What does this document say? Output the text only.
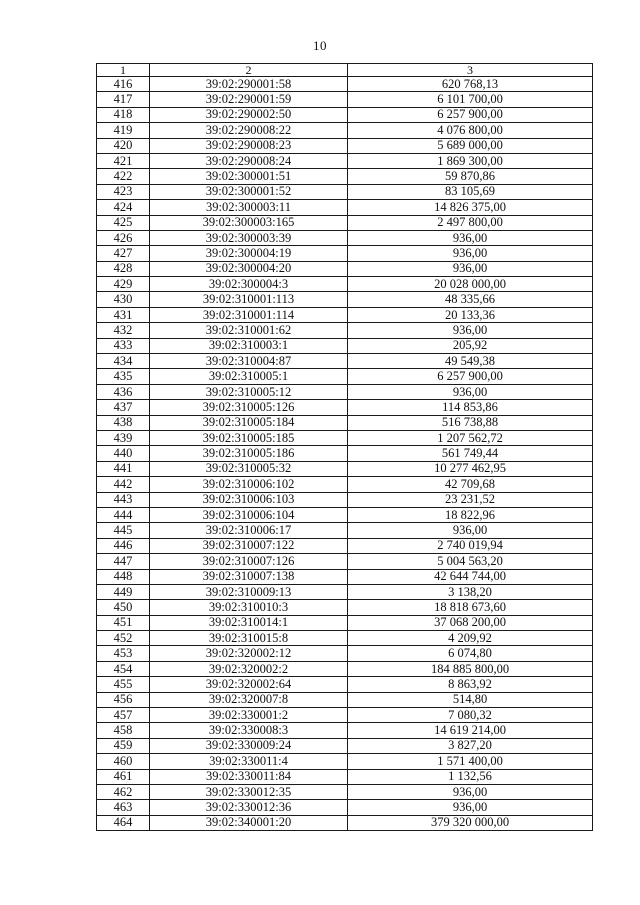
10
1	2	3
416	39:02:290001:58	620 768,13
417	39:02:290001:59	6 101 700,00
418	39:02:290002:50	6 257 900,00
419	39:02:290008:22	4 076 800,00
420	39:02:290008:23	5 689 000,00
421	39:02:290008:24	1 869 300,00
422	39:02:300001:51	59 870,86
423	39:02:300001:52	83 105,69
424	39:02:300003:11	14 826 375,00
425	39:02:300003:165	2 497 800,00
426	39:02:300003:39	936,00
427	39:02:300004:19	936,00
428	39:02:300004:20	936,00
429	39:02:300004:3	20 028 000,00
430	39:02:310001:113	48 335,66
431	39:02:310001:114	20 133,36
432	39:02:310001:62	936,00
433	39:02:310003:1	205,92
434	39:02:310004:87	49 549,38
435	39:02:310005:1	6 257 900,00
436	39:02:310005:12	936,00
437	39:02:310005:126	114 853,86
438	39:02:310005:184	516 738,88
439	39:02:310005:185	1 207 562,72
440	39:02:310005:186	561 749,44
441	39:02:310005:32	10 277 462,95
442	39:02:310006:102	42 709,68
443	39:02:310006:103	23 231,52
444	39:02:310006:104	18 822,96
445	39:02:310006:17	936,00
446	39:02:310007:122	2 740 019,94
447	39:02:310007:126	5 004 563,20
448	39:02:310007:138	42 644 744,00
449	39:02:310009:13	3 138,20
450	39:02:310010:3	18 818 673,60
451	39:02:310014:1	37 068 200,00
452	39:02:310015:8	4 209,92
453	39:02:320002:12	6 074,80
454	39:02:320002:2	184 885 800,00
455	39:02:320002:64	8 863,92
456	39:02:320007:8	514,80
457	39:02:330001:2	7 080,32
458	39:02:330008:3	14 619 214,00
459	39:02:330009:24	3 827,20
460	39:02:330011:4	1 571 400,00
461	39:02:330011:84	1 132,56
462	39:02:330012:35	936,00
463	39:02:330012:36	936,00
464	39:02:340001:20	379 320 000,00
